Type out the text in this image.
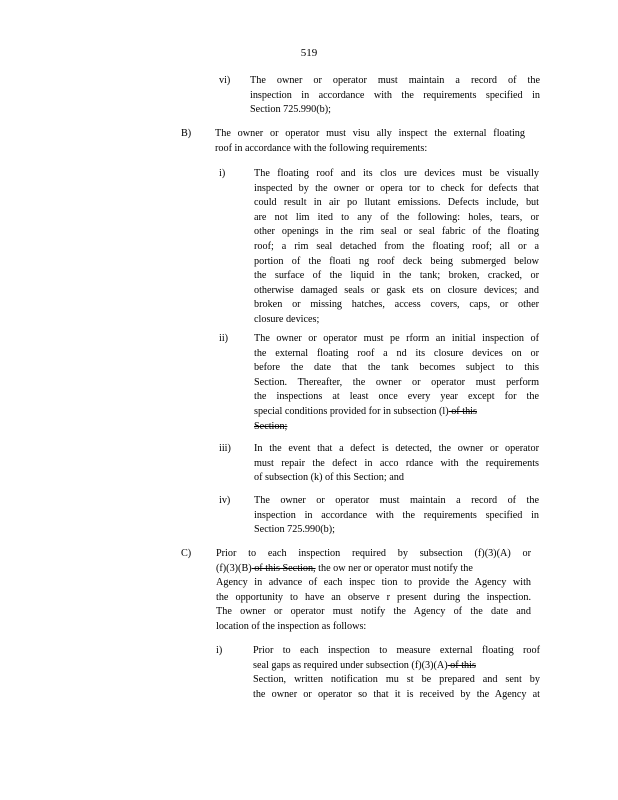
519
vi) The owner or operator must maintain a record of the
inspection in accordance with the requirements specified in
Section 725.990(b);
B) The owner or operator must visu ally inspect the external floating
roof in accordance with the following requirements:
i)	The floating roof and its clos ure devices must be visually
inspected by the owner or opera tor to check for defects that
could result in air po llutant emissions. Defects include, but
are not lim ited to any of the following: holes, tears, or
other openings in the rim seal or seal fabric of the floating
roof; a rim seal detached from the floating roof; all or a
portion of the floati ng roof deck being submerged below
the surface of the liquid in the tank; broken, cracked, or
otherwise damaged seals or gask ets on closure devices; and
broken or missing hatches, access covers, caps, or other
closure devices;
ii)	The owner or operator must pe rform an initial inspection of
the external floating roof a nd its closure devices on or
before the date that the tank becomes subject to this
Section. Thereafter, the owner or operator must perform
the inspections at least once every year except for the
special conditions provided for in subsection (l) of this
Section;
iii) In the event that a defect is detected, the owner or operator
must repair the defect in acco rdance with the requirements
of subsection (k) of this Section; and
iv) The owner or operator must maintain a record of the
inspection in accordance with the requirements specified in
Section 725.990(b);
C) Prior to each inspection required by subsection (f)(3)(A) or
(f)(3)(B) of this Section, the ow ner or operator must notify the
Agency in advance of each inspec tion to provide the Agency with
the opportunity to have an observe r present during the inspection.
The owner or operator must notify the Agency of the date and
location of the inspection as follows:
i)	Prior to each inspection to measure external floating roof
seal gaps as required under subsection (f)(3)(A) of this
Section, written notification mu st be prepared and sent by
the owner or operator so that it is received by the Agency at
